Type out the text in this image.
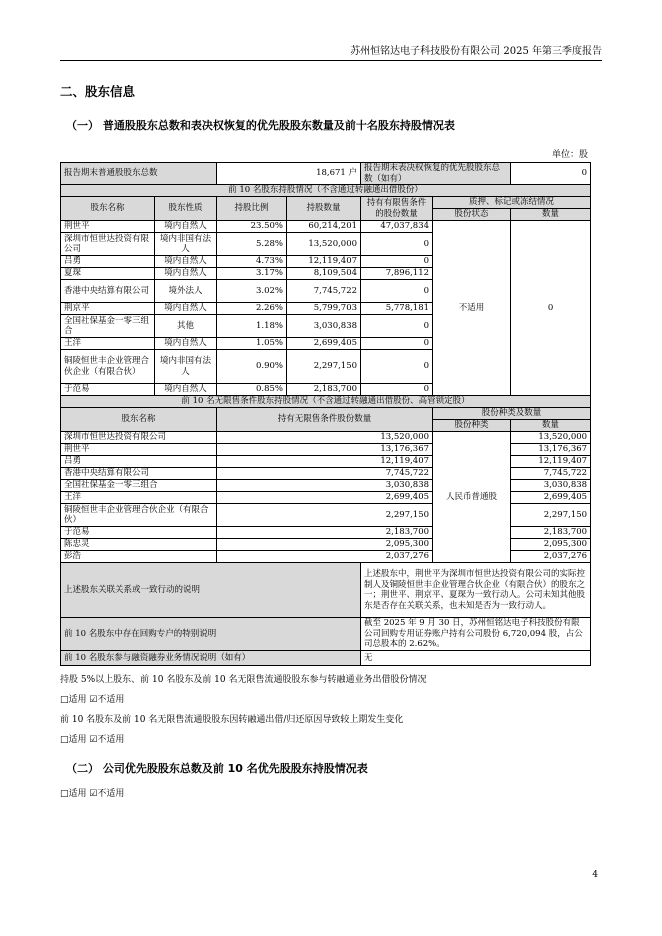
苏州恒铭达电子科技股份有限公司 2025 年第三季度报告
二、股东信息
（一） 普通股股东总数和表决权恢复的优先股股东数量及前十名股东持股情况表
单位：股
报告期末普通股股东总数		18,671 户		报告期末表决权恢复的优先股股东总数（如有）		0
前 10 名股东持股情况（不含通过转融通出借股份）						
股东名称	股东性质	持股比例	持股数量	持有有限售条件的股份数量	质押、标记或冻结情况	
					股份状态	数量
荆世平	境内自然人	23.50%	60,214,201	47,037,834	不适用	0
深圳市恒世达投资有限公司	境内非国有法人	5.28%	13,520,000	0		
吕勇	境内自然人	4.73%	12,119,407	0		
夏琛	境内自然人	3.17%	8,109,504	7,896,112		
香港中央结算有限公司	境外法人	3.02%	7,745,722	0		
荆京平	境内自然人	2.26%	5,799,703	5,778,181		
全国社保基金一零三组合	其他	1.18%	3,030,838	0		
王洋	境内自然人	1.05%	2,699,405	0		
铜陵恒世丰企业管理合伙企业（有限合伙）	境内非国有法人	0.90%	2,297,150	0		
于范易	境内自然人	0.85%	2,183,700	0		
前 10 名无限售条件股东持股情况（不含通过转融通出借股份、高管锁定股）						
股东名称		持有无限售条件股份数量			股份种类及数量	
					股份种类	数量
深圳市恒世达投资有限公司		13,520,000			人民币普通股	13,520,000
荆世平		13,176,367				13,176,367
吕勇		12,119,407				12,119,407
香港中央结算有限公司		7,745,722				7,745,722
全国社保基金一零三组合		3,030,838				3,030,838
王洋		2,699,405				2,699,405
铜陵恒世丰企业管理合伙企业（有限合伙）		2,297,150				2,297,150
于范易		2,183,700				2,183,700
陈忠灵		2,095,300				2,095,300
彭浩		2,037,276				2,037,276
上述股东关联关系或一致行动的说明				上述股东中，荆世平为深圳市恒世达投资有限公司的实际控制人及铜陵恒世丰企业管理合伙企业（有限合伙）的股东之一；荆世平、荆京平、夏琛为一致行动人。公司未知其他股东是否存在关联关系，也未知是否为一致行动人。		
前 10 名股东中存在回购专户的特别说明				截至 2025 年 9 月 30 日，苏州恒铭达电子科技股份有限公司回购专用证券账户持有公司股份 6,720,094 股，占公司总股本的 2.62%。		
前 10 名股东参与融资融券业务情况说明（如有）				无		
持股 5%以上股东、前 10 名股东及前 10 名无限售流通股股东参与转融通业务出借股份情况
□适用 ☑不适用
前 10 名股东及前 10 名无限售流通股股东因转融通出借/归还原因导致较上期发生变化
□适用 ☑不适用
（二） 公司优先股股东总数及前 10 名优先股股东持股情况表
□适用 ☑不适用
4
